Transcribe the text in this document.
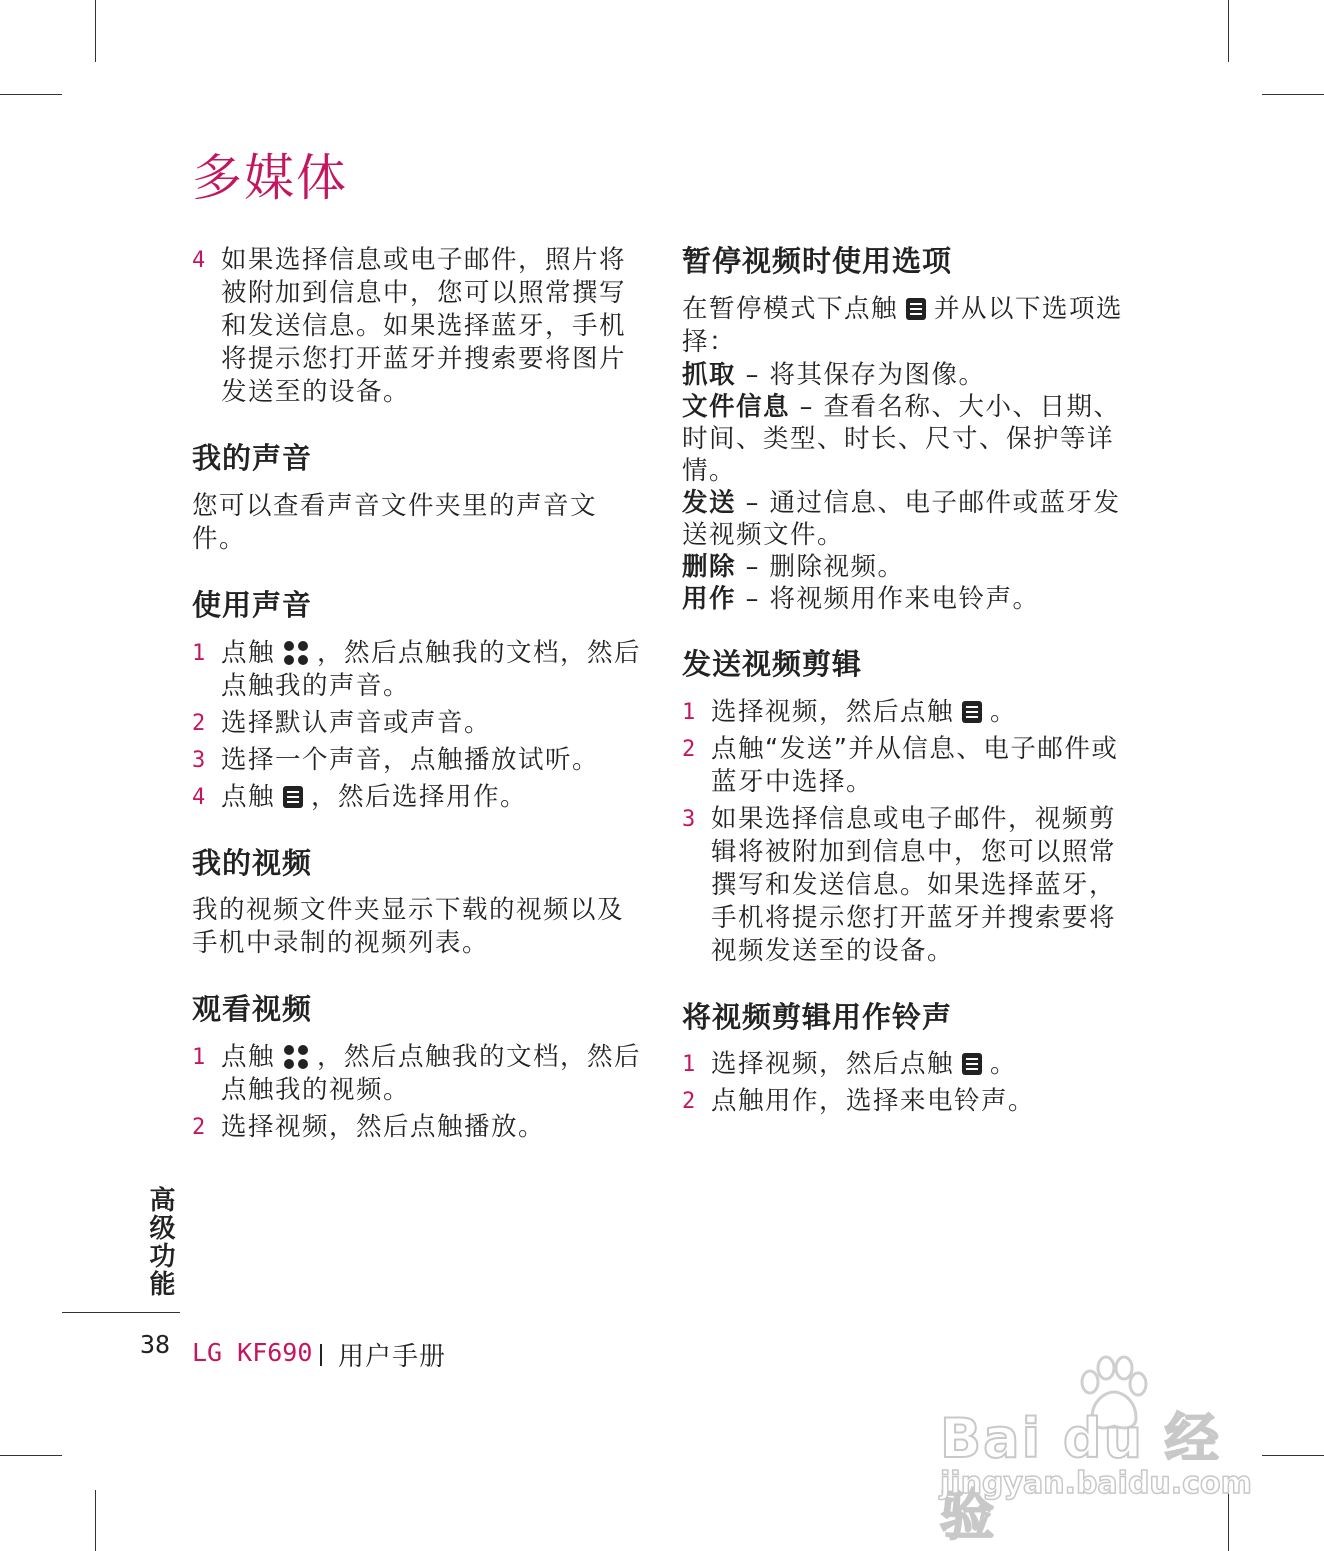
多媒体
4 如果选择信息或电子邮件，照片将被附加到信息中，您可以照常撰写和发送信息。如果选择蓝牙，手机将提示您打开蓝牙并搜索要将图片发送至的设备。
我的声音
您可以查看声音文件夹里的声音文件。
使用声音
1 点触 ，然后点触我的文档，然后点触我的声音。
2 选择默认声音或声音。
3 选择一个声音，点触播放试听。
4 点触 ，然后选择用作。
我的视频
我的视频文件夹显示下载的视频以及手机中录制的视频列表。
观看视频
1 点触 ，然后点触我的文档，然后点触我的视频。
2 选择视频，然后点触播放。
暂停视频时使用选项
在暂停模式下点触 并从以下选项选择：
抓取 – 将其保存为图像。
文件信息 – 查看名称、大小、日期、时间、类型、时长、尺寸、保护等详情。
发送 – 通过信息、电子邮件或蓝牙发送视频文件。
删除 – 删除视频。
用作 – 将视频用作来电铃声。
发送视频剪辑
1 选择视频，然后点触 。
2 点触“发送”并从信息、电子邮件或蓝牙中选择。
3 如果选择信息或电子邮件，视频剪辑将被附加到信息中，您可以照常撰写和发送信息。如果选择蓝牙，手机将提示您打开蓝牙并搜索要将视频发送至的设备。
将视频剪辑用作铃声
1 选择视频，然后点触 。
2 点触用作，选择来电铃声。
高级功能
38 LG KF690 用户手册
Bai du 经验
jingyan.baidu.com
